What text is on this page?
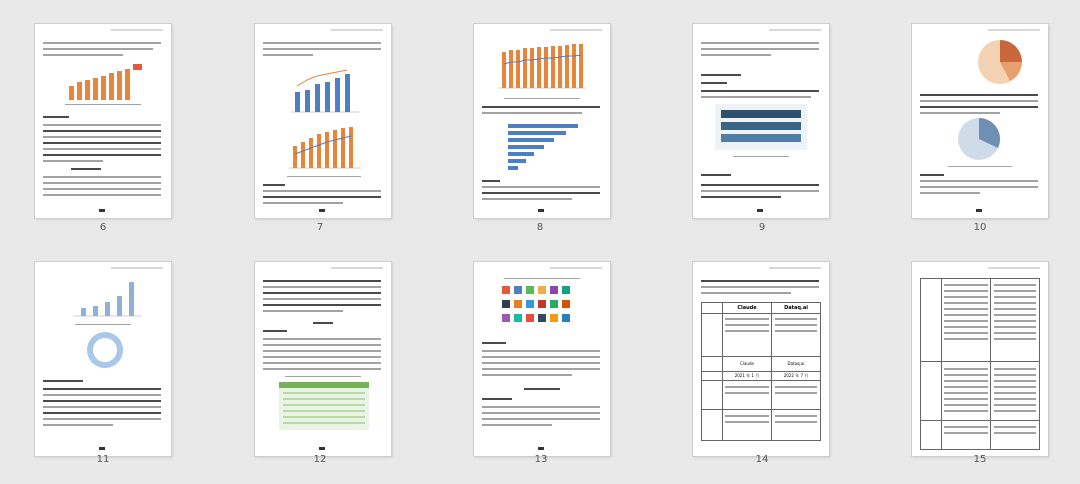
6	7	8	9	10
11	12	13
Claude	Dataq.ai
Claude	Dataq.ai
2021 年 1 月	2022 年 7 月
14	15
